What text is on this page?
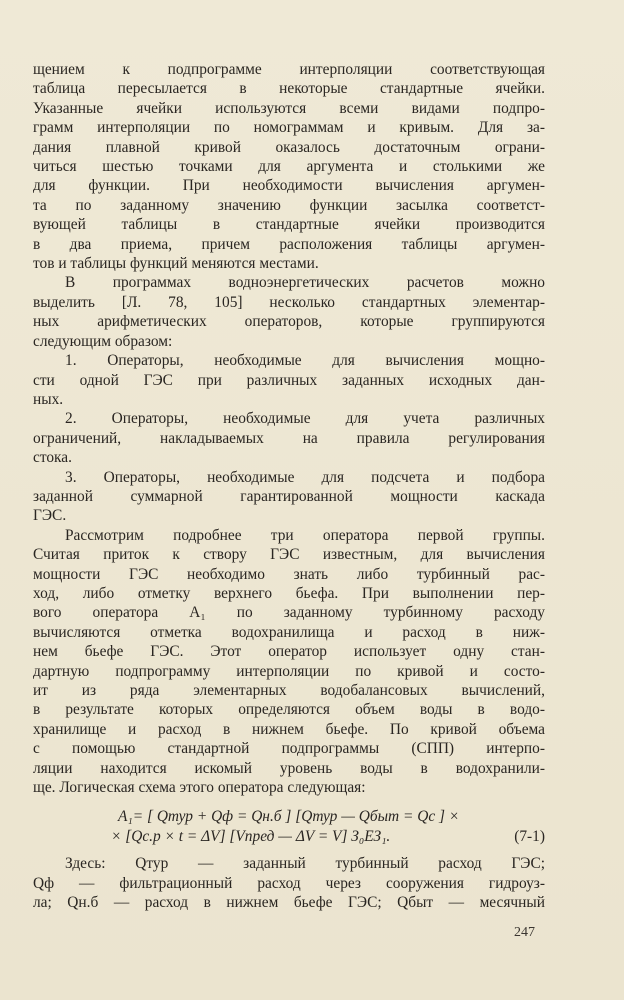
щением к подпрограмме интерполяции соответствующая
таблица пересылается в некоторые стандартные ячейки.
Указанные ячейки используются всеми видами подпро-
грамм интерполяции по номограммам и кривым. Для за-
дания плавной кривой оказалось достаточным ограни-
читься шестью точками для аргумента и столькими же
для функции. При необходимости вычисления аргумен-
та по заданному значению функции засылка соответст-
вующей таблицы в стандартные ячейки производится
в два приема, причем расположения таблицы аргумен-
тов и таблицы функций меняются местами.
В программах водноэнергетических расчетов можно
выделить [Л. 78, 105] несколько стандартных элементар-
ных арифметических операторов, которые группируются
следующим образом:
1. Операторы, необходимые для вычисления мощно-
сти одной ГЭС при различных заданных исходных дан-
ных.
2. Операторы, необходимые для учета различных
ограничений, накладываемых на правила регулирования
стока.
3. Операторы, необходимые для подсчета и подбора
заданной суммарной гарантированной мощности каскада
ГЭС.
Рассмотрим подробнее три оператора первой группы.
Считая приток к створу ГЭС известным, для вычисления
мощности ГЭС необходимо знать либо турбинный рас-
ход, либо отметку верхнего бьефа. При выполнении пер-
вого оператора A₁ по заданному турбинному расходу
вычисляются отметка водохранилища и расход в ниж-
нем бьефе ГЭС. Этот оператор использует одну стан-
дартную подпрограмму интерполяции по кривой и состо-
ит из ряда элементарных водобалансовых вычислений,
в результате которых определяются объем воды в водо-
хранилище и расход в нижнем бьефе. По кривой объема
с помощью стандартной подпрограммы (СПП) интерпо-
ляции находится искомый уровень воды в водохранили-
ще. Логическая схема этого оператора следующая:
A₁= [ Qтур + Qф = Qн.б ] [Qтур — Qбыт = Qс ] ×
× [Qс.р × t = ΔV] [Vпред — ΔV = V] З₀ЕЗ₁.	(7-1)
Здесь: Qтур — заданный турбинный расход ГЭС;
Qф — фильтрационный расход через сооружения гидроуз-
ла; Qн.б — расход в нижнем бьефе ГЭС; Qбыт — месячный
247
